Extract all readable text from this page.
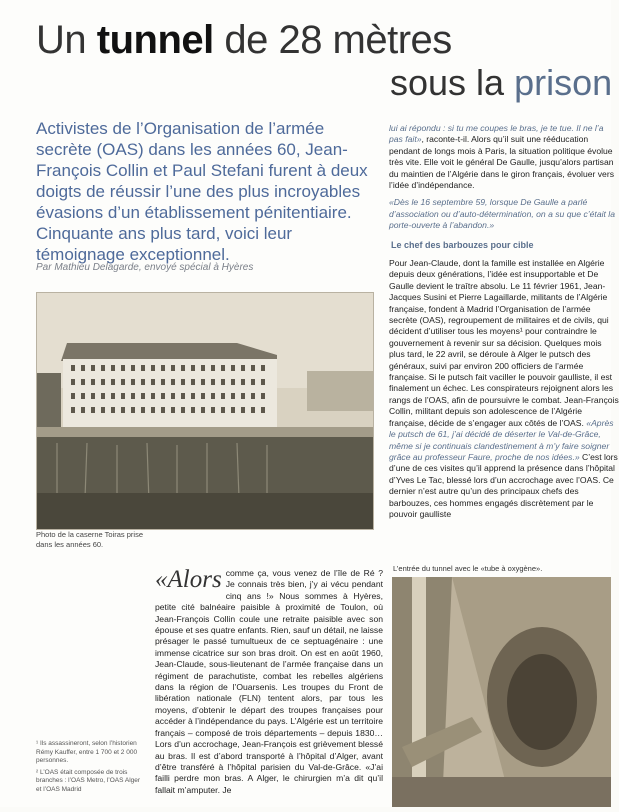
Un tunnel de 28 mètres
sous la prison
Activistes de l’Organisation de l’armée secrète (OAS) dans les années 60, Jean-François Collin et Paul Stefani furent à deux doigts de réussir l’une des plus incroyables évasions d’un établissement pénitentiaire. Cinquante ans plus tard, voici leur témoignage exceptionnel.
Par Mathieu Delagarde, envoyé spécial à Hyères
Photo de la caserne Toiras prise dans les années 60.

¹ Ils assassineront, selon l’historien Rémy Kauffer, entre 1 700 et 2 000 personnes.

² L’OAS était composée de trois branches : l’OAS Metro, l’OAS Alger et l’OAS Madrid

«Alors comme ça, vous venez de l’île de Ré ? Je connais très bien, j’y ai vécu pendant cinq ans !» Nous sommes à Hyères, petite cité balnéaire paisible à proximité de Toulon, où Jean-François Collin coule une retraite paisible avec son épouse et ses quatre enfants. Rien, sauf un détail, ne laisse présager le passé tumultueux de ce septuagénaire : une immense cicatrice sur son bras droit. On est en août 1960, Jean-Claude, sous-lieutenant de l’armée française dans un régiment de parachutiste, combat les rebelles algériens dans la région de l’Ouarsenis. Les troupes du Front de libération nationale (FLN) tentent alors, par tous les moyens, d’obtenir le départ des troupes françaises pour accéder à l’indépendance du pays. L’Algérie est un territoire français – composé de trois départements – depuis 1830… Lors d’un accrochage, Jean-François est grièvement blessé au bras. Il est d’abord transporté à l’hôpital d’Alger, avant d’être transféré à l’hôpital parisien du Val-de-Grâce. «J’ai failli perdre mon bras. A Alger, le chirurgien m’a dit qu’il fallait m’amputer. Je

lui ai répondu : si tu me coupes le bras, je te tue. Il ne l’a pas fait», raconte-t-il. Alors qu’il suit une rééducation pendant de longs mois à Paris, la situation politique évolue très vite. Elle voit le général De Gaulle, jusqu’alors partisan du maintien de l’Algérie dans le giron français, évoluer vers l’idée d’indépendance.

«Dès le 16 septembre 59, lorsque De Gaulle a parlé d’association ou d’auto-détermination, on a su que c’était la porte-ouverte à l’abandon.»

Le chef des barbouzes pour cible

Pour Jean-Claude, dont la famille est installée en Algérie depuis deux générations, l’idée est insupportable et De Gaulle devient le traître absolu. Le 11 février 1961, Jean-Jacques Susini et Pierre Lagaillarde, militants de l’Algérie française, fondent à Madrid l’Organisation de l’armée secrète (OAS), regroupement de militaires et de civils, qui décident d’utiliser tous les moyens¹ pour contraindre le gouvernement à revenir sur sa décision. Quelques mois plus tard, le 22 avril, se déroule à Alger le putsch des généraux, suivi par environ 200 officiers de l’armée française. Si le putsch fait vaciller le pouvoir gaulliste, il est finalement un échec. Les conspirateurs rejoignent alors les rangs de l’OAS, afin de poursuivre le combat. Jean-François Collin, militant depuis son adolescence de l’Algérie française, décide de s’engager aux côtés de l’OAS. «Après le putsch de 61, j’ai décidé de déserter le Val-de-Grâce, même si je continuais clandestinement à m’y faire soigner grâce au professeur Faure, proche de nos idées.» C’est lors d’une de ces visites qu’il apprend la présence dans l’hôpital d’Yves Le Tac, blessé lors d’un accrochage avec l’OAS. Ce dernier n’est autre qu’un des principaux chefs des barbouzes, ces hommes engagés discrètement par le pouvoir gaulliste

L’entrée du tunnel avec le «tube à oxygène».
